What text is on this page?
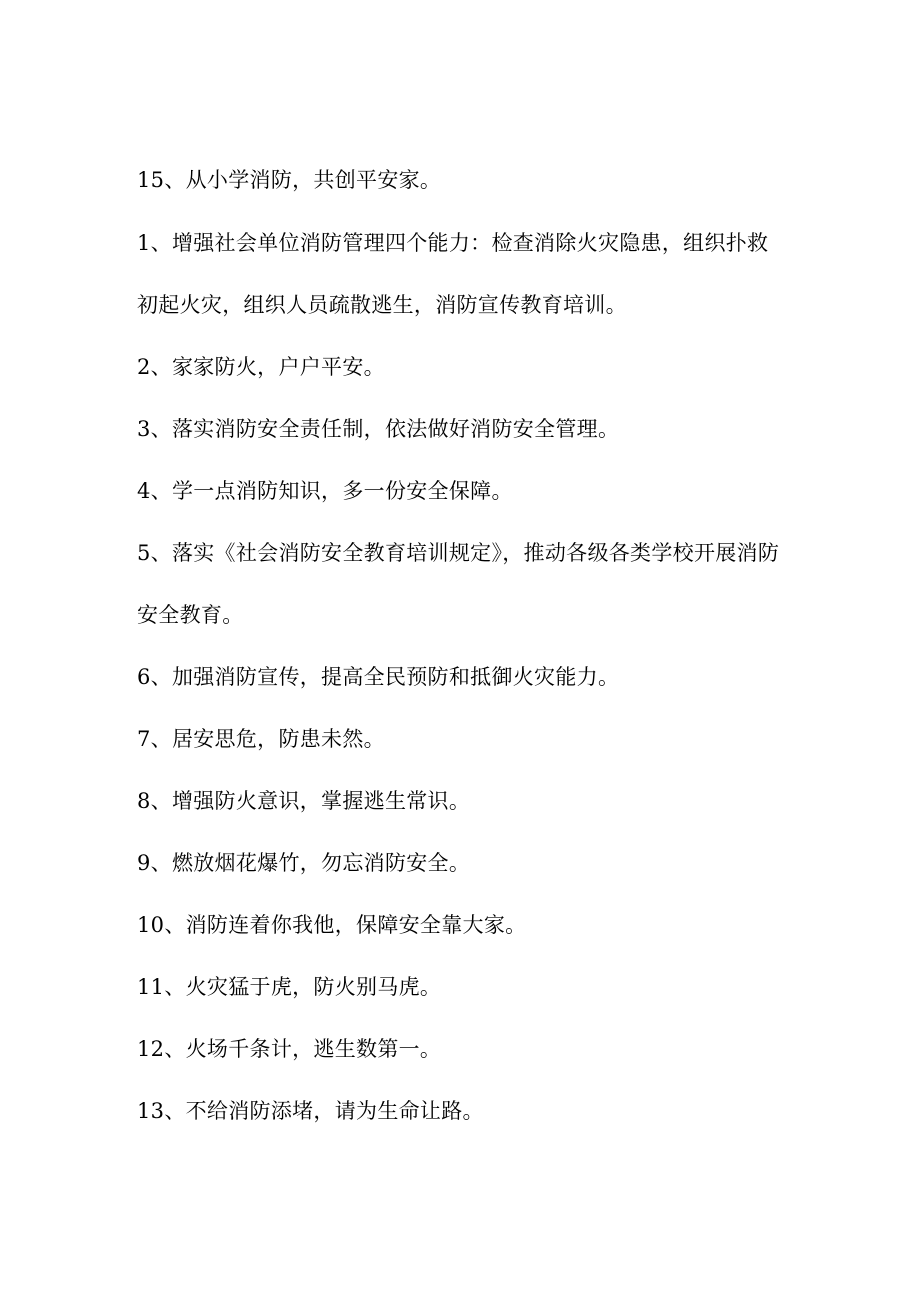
15、从小学消防，共创平安家。

1、增强社会单位消防管理四个能力：检查消除火灾隐患，组织扑救初起火灾，组织人员疏散逃生，消防宣传教育培训。

2、家家防火，户户平安。

3、落实消防安全责任制，依法做好消防安全管理。

4、学一点消防知识，多一份安全保障。

5、落实《社会消防安全教育培训规定》，推动各级各类学校开展消防安全教育。

6、加强消防宣传，提高全民预防和抵御火灾能力。

7、居安思危，防患未然。

8、增强防火意识，掌握逃生常识。

9、燃放烟花爆竹，勿忘消防安全。

10、消防连着你我他，保障安全靠大家。

11、火灾猛于虎，防火别马虎。

12、火场千条计，逃生数第一。

13、不给消防添堵，请为生命让路。
